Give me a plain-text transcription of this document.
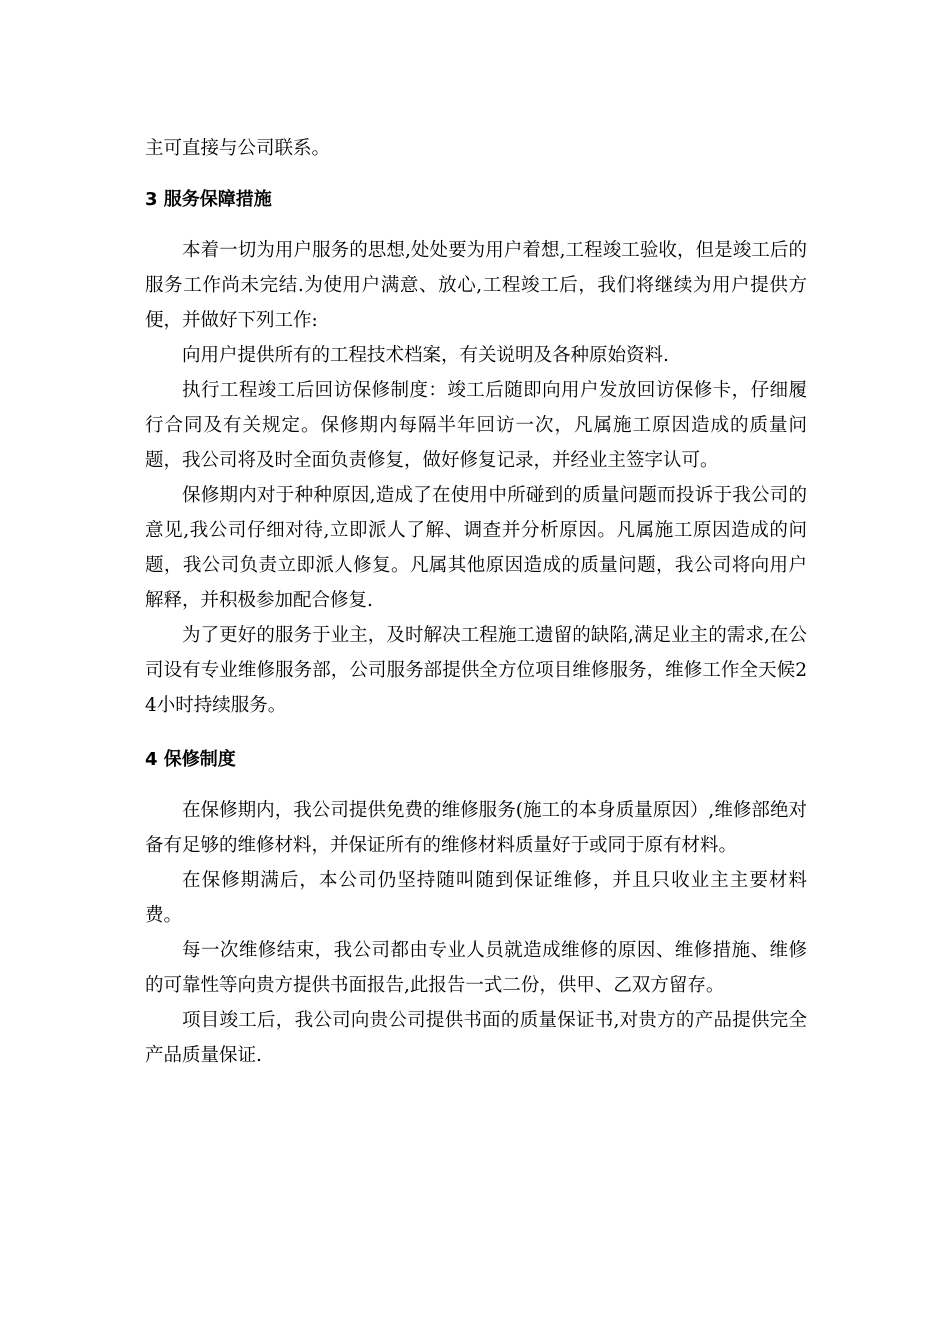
主可直接与公司联系。

3 服务保障措施

本着一切为用户服务的思想,处处要为用户着想,工程竣工验收，但是竣工后的服务工作尚未完结.为使用户满意、放心,工程竣工后，我们将继续为用户提供方便，并做好下列工作:

向用户提供所有的工程技术档案，有关说明及各种原始资料.

执行工程竣工后回访保修制度：竣工后随即向用户发放回访保修卡，仔细履行合同及有关规定。保修期内每隔半年回访一次，凡属施工原因造成的质量问题，我公司将及时全面负责修复，做好修复记录，并经业主签字认可。

保修期内对于种种原因,造成了在使用中所碰到的质量问题而投诉于我公司的意见,我公司仔细对待,立即派人了解、调查并分析原因。凡属施工原因造成的问题，我公司负责立即派人修复。凡属其他原因造成的质量问题，我公司将向用户解释，并积极参加配合修复.

为了更好的服务于业主，及时解决工程施工遗留的缺陷,满足业主的需求,在公司设有专业维修服务部，公司服务部提供全方位项目维修服务，维修工作全天候24小时持续服务。

4 保修制度

在保修期内，我公司提供免费的维修服务(施工的本身质量原因）,维修部绝对备有足够的维修材料，并保证所有的维修材料质量好于或同于原有材料。

在保修期满后，本公司仍坚持随叫随到保证维修，并且只收业主主要材料费。

每一次维修结束，我公司都由专业人员就造成维修的原因、维修措施、维修的可靠性等向贵方提供书面报告,此报告一式二份，供甲、乙双方留存。

项目竣工后，我公司向贵公司提供书面的质量保证书,对贵方的产品提供完全产品质量保证.
